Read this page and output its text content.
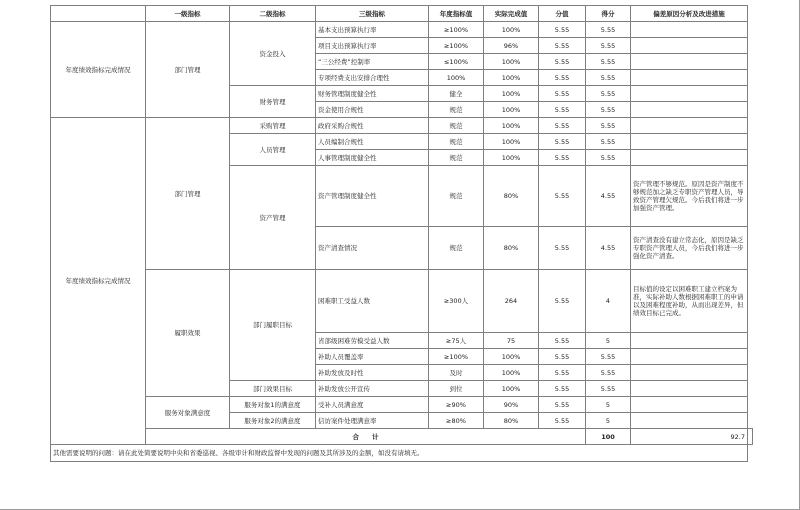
	一级指标	二级指标	三级指标	年度指标值	实际完成值	分值	得分	偏差原因分析及改进措施	
年度绩效指标完成情况	部门管理	资金投入	基本支出预算执行率	≥100%	100%	5.55	5.55		
			项目支出预算执行率	≥100%	96%	5.55	5.55		
			“三公经费”控制率	≤100%	100%	5.55	5.55		
			专项经费支出安排合理性	100%	100%	5.55	5.55		
		财务管理	财务管理制度健全性	健全	100%	5.55	5.55		
			资金使用合规性	规范	100%	5.55	5.55		
年度绩效指标完成情况	部门管理	采购管理	政府采购合规性	规范	100%	5.55	5.55		
		人员管理	人员编制合规性	规范	100%	5.55	5.55		
			人事管理制度健全性	规范	100%	5.55	5.55		
		资产管理	资产管理制度健全性	规范	80%	5.55	4.55	资产管理不够规范。原因是资产制度不够规范加之缺乏专职资产管理人员，导致资产管理欠规范。今后我们将进一步加强资产管理。	
			资产清查情况	规范	80%	5.55	4.55	资产清查没有建立常态化，原因是缺乏专职资产管理人员，今后我们将进一步强化资产清查。	
	履职效果	部门履职目标	困难职工受益人数	≥300人	264	5.55	4	目标值的设定以困难职工建立档案为准，实际补助人数根据困难职工的申请以及困难程度补助，从而出现差异，但绩效目标已完成。	
			省部级困难劳模受益人数	≥75人	75	5.55	5		
			补助人员覆盖率	≥100%	100%	5.55	5.55		
			补助发放及时性	及时	100%	5.55	5.55		
		部门效果目标	补助发放公开宣传	到位	100%	5.55	5.55		
	服务对象满意度	服务对象1的满意度	受补人员满意度	≥90%	90%	5.55	5		
		服务对象2的满意度	信访案件处理满意率	≥80%	80%	5.55	5		
	合　　计						100	92.7	
其他需要说明的问题：请在此处简要说明中央和省委巡视、各级审计和财政监督中发现的问题及其所涉及的金额，如没有请填无。									
